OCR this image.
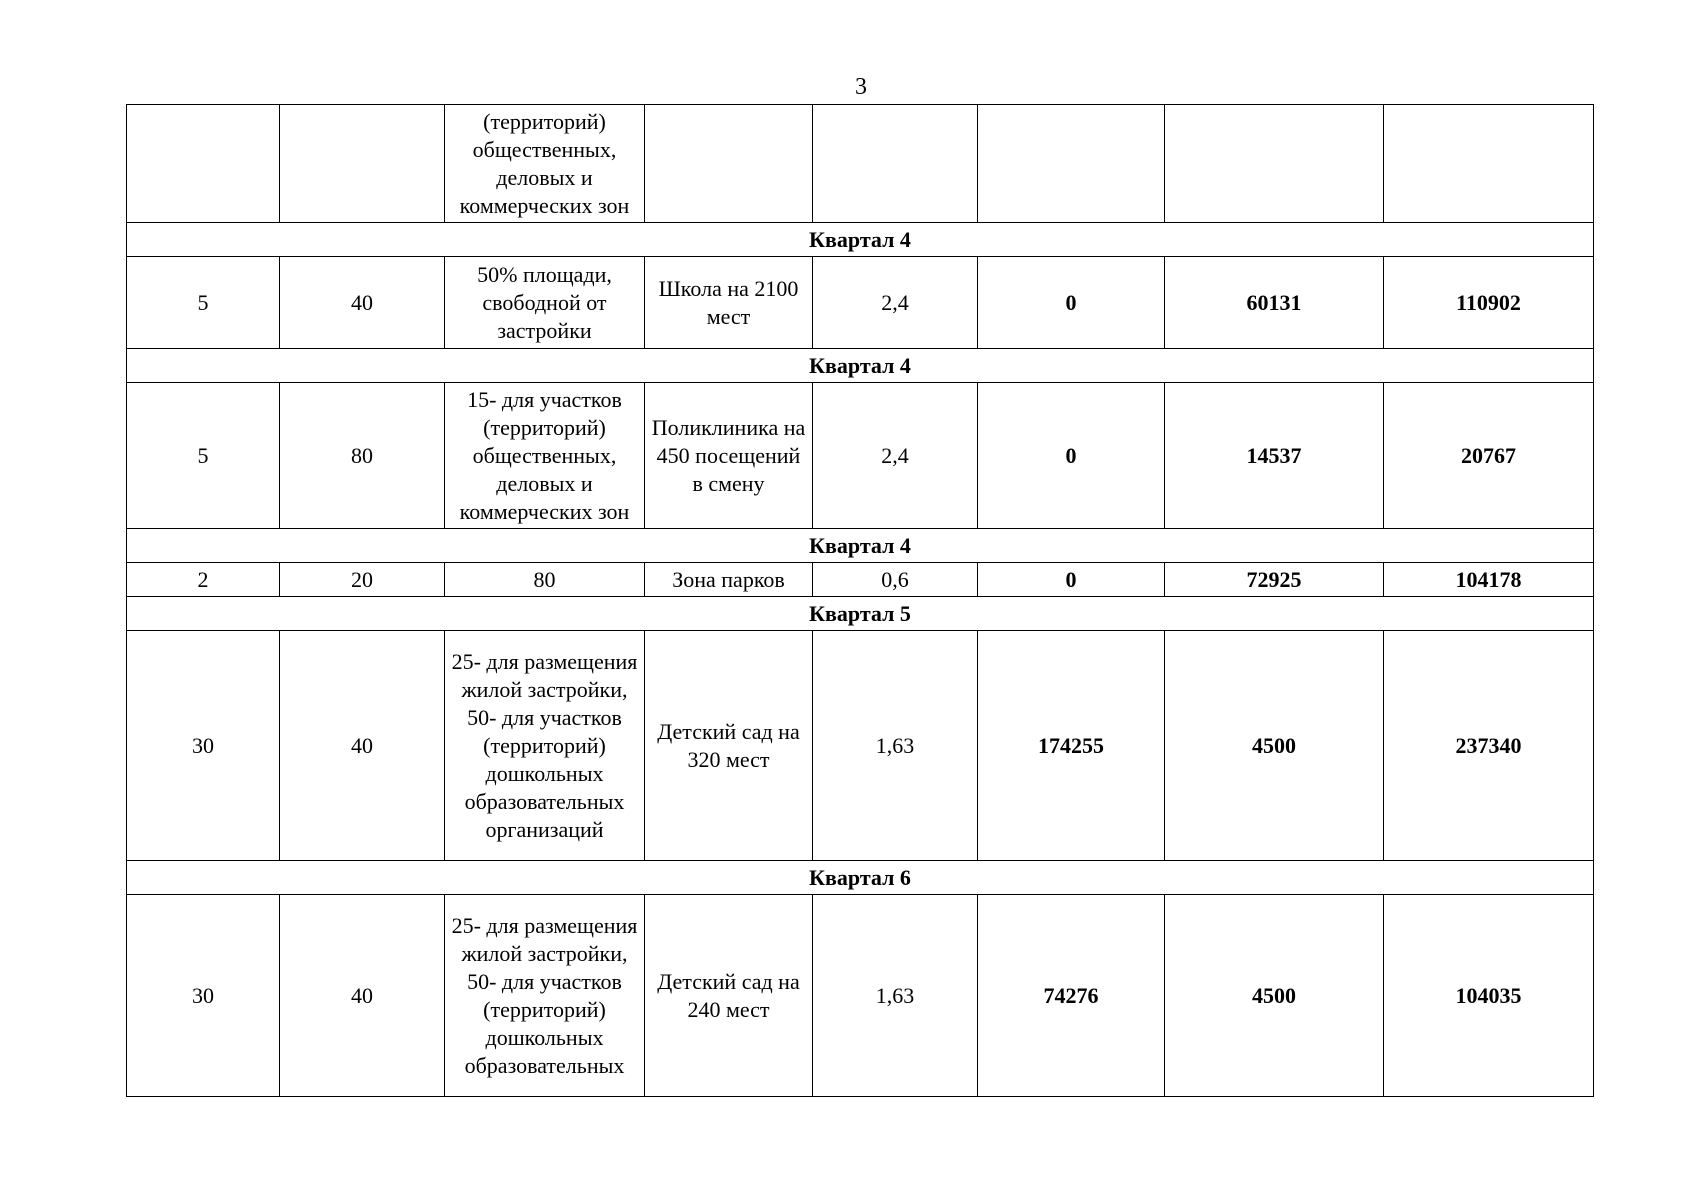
3
		(территорий) общественных, деловых и коммерческих зон					
Квартал 4							
5	40	50% площади, свободной от застройки	Школа на 2100 мест	2,4	0	60131	110902
Квартал 4							
5	80	15- для участков (территорий) общественных, деловых и коммерческих зон	Поликлиника на 450 посещений в смену	2,4	0	14537	20767
Квартал 4							
2	20	80	Зона парков	0,6	0	72925	104178
Квартал 5							
30	40	25- для размещения жилой застройки, 50- для участков (территорий) дошкольных образовательных организаций	Детский сад на 320 мест	1,63	174255	4500	237340
Квартал 6							
30	40	25- для размещения жилой застройки, 50- для участков (территорий) дошкольных образовательных	Детский сад на 240 мест	1,63	74276	4500	104035
